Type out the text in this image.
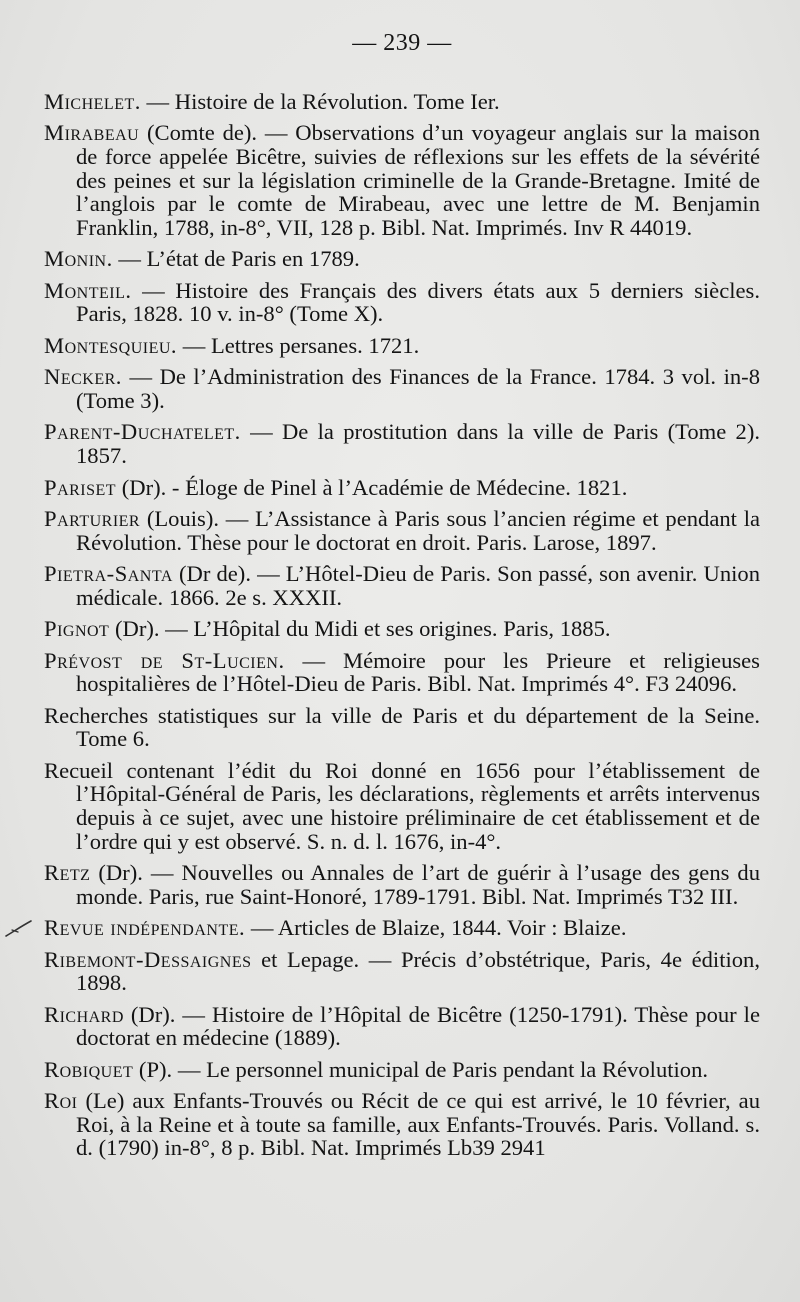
— 239 —
Michelet. — Histoire de la Révolution. Tome Ier.
Mirabeau (Comte de). — Observations d’un voyageur anglais sur la maison de force appelée Bicêtre, suivies de réflexions sur les effets de la sévérité des peines et sur la législation criminelle de la Grande-Bretagne. Imité de l’anglois par le comte de Mirabeau, avec une lettre de M. Benjamin Franklin, 1788, in-8°, VII, 128 p. Bibl. Nat. Imprimés. Inv R 44019.
Monin. — L’état de Paris en 1789.
Monteil. — Histoire des Français des divers états aux 5 derniers siècles. Paris, 1828. 10 v. in-8° (Tome X).
Montesquieu. — Lettres persanes. 1721.
Necker. — De l’Administration des Finances de la France. 1784. 3 vol. in-8 (Tome 3).
Parent-Duchatelet. — De la prostitution dans la ville de Paris (Tome 2). 1857.
Pariset (Dr). - Éloge de Pinel à l’Académie de Médecine. 1821.
Parturier (Louis). — L’Assistance à Paris sous l’ancien régime et pendant la Révolution. Thèse pour le doctorat en droit. Paris. Larose, 1897.
Pietra-Santa (Dr de). — L’Hôtel-Dieu de Paris. Son passé, son avenir. Union médicale. 1866. 2e s. XXXII.
Pignot (Dr). — L’Hôpital du Midi et ses origines. Paris, 1885.
Prévost de St-Lucien. — Mémoire pour les Prieure et religieuses hospitalières de l’Hôtel-Dieu de Paris. Bibl. Nat. Imprimés 4°. F3 24096.
Recherches statistiques sur la ville de Paris et du département de la Seine. Tome 6.
Recueil contenant l’édit du Roi donné en 1656 pour l’établissement de l’Hôpital-Général de Paris, les déclarations, règlements et arrêts intervenus depuis à ce sujet, avec une histoire préliminaire de cet établissement et de l’ordre qui y est observé. S. n. d. l. 1676, in-4°.
Retz (Dr). — Nouvelles ou Annales de l’art de guérir à l’usage des gens du monde. Paris, rue Saint-Honoré, 1789-1791. Bibl. Nat. Imprimés T32 III.
Revue indépendante. — Articles de Blaize, 1844. Voir : Blaize.
Ribemont-Dessaignes et Lepage. — Précis d’obstétrique, Paris, 4e édition, 1898.
Richard (Dr). — Histoire de l’Hôpital de Bicêtre (1250-1791). Thèse pour le doctorat en médecine (1889).
Robiquet (P). — Le personnel municipal de Paris pendant la Révolution.
Roi (Le) aux Enfants-Trouvés ou Récit de ce qui est arrivé, le 10 février, au Roi, à la Reine et à toute sa famille, aux Enfants-Trouvés. Paris. Volland. s. d. (1790) in-8°, 8 p. Bibl. Nat. Imprimés Lb39 2941
